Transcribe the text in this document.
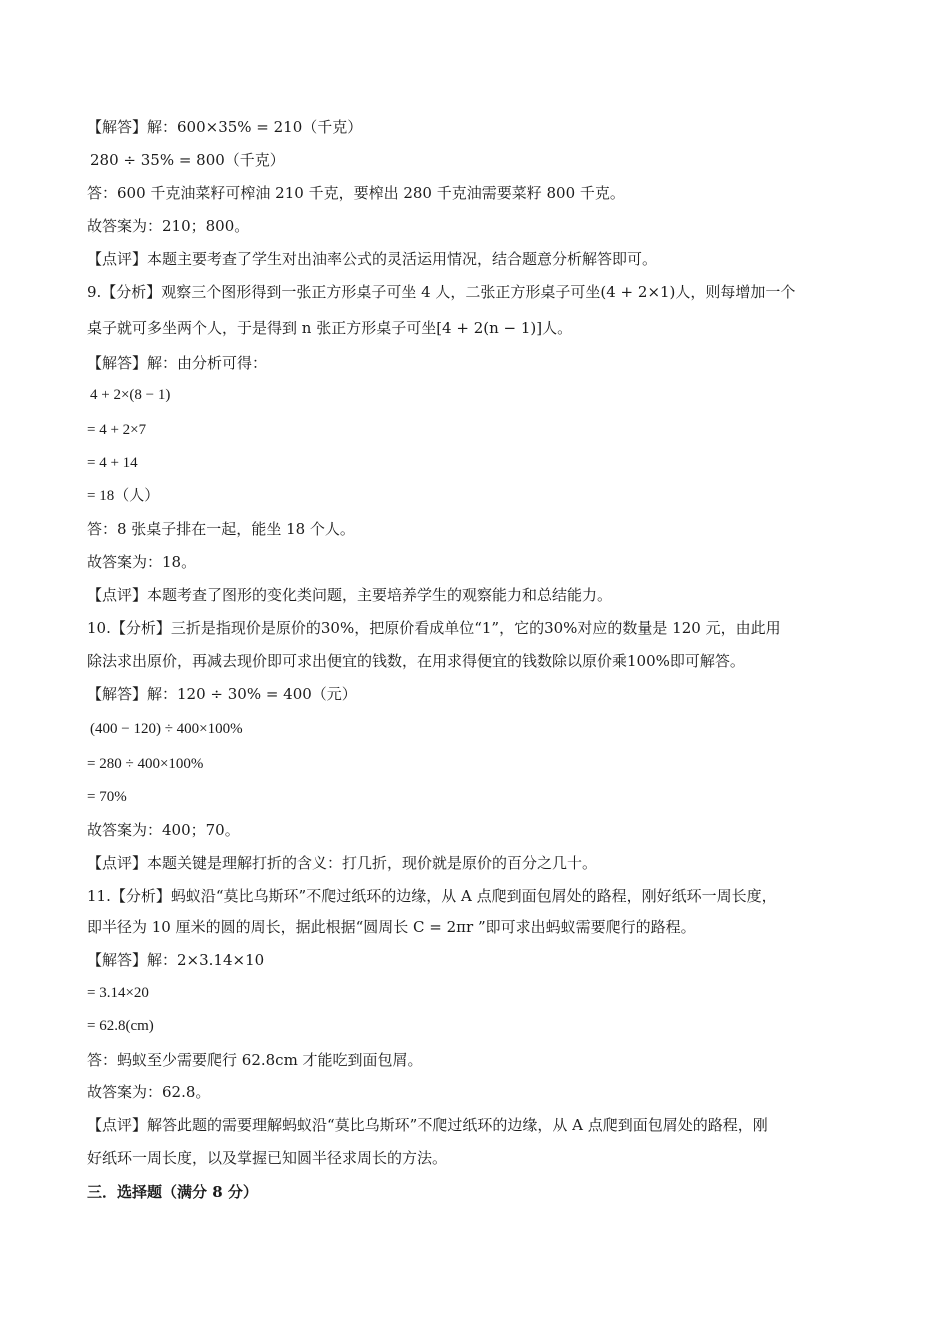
【解答】解：600×35% = 210（千克）
280 ÷ 35% = 800（千克）
答：600 千克油菜籽可榨油 210 千克，要榨出 280 千克油需要菜籽 800 千克。
故答案为：210；800。
【点评】本题主要考查了学生对出油率公式的灵活运用情况，结合题意分析解答即可。
9.【分析】观察三个图形得到一张正方形桌子可坐 4 人，二张正方形桌子可坐(4 + 2×1)人，则每增加一个
桌子就可多坐两个人，于是得到 n 张正方形桌子可坐[4 + 2(n − 1)]人。
【解答】解：由分析可得：
4 + 2×(8 − 1)
= 4 + 2×7
= 4 + 14
= 18（人）
答：8 张桌子排在一起，能坐 18 个人。
故答案为：18。
【点评】本题考查了图形的变化类问题，主要培养学生的观察能力和总结能力。
10.【分析】三折是指现价是原价的30%，把原价看成单位“1”，它的30%对应的数量是 120 元，由此用
除法求出原价，再减去现价即可求出便宜的钱数，在用求得便宜的钱数除以原价乘100%即可解答。
【解答】解：120 ÷ 30% = 400（元）
(400 − 120) ÷ 400×100%
= 280 ÷ 400×100%
= 70%
故答案为：400；70。
【点评】本题关键是理解打折的含义：打几折，现价就是原价的百分之几十。
11.【分析】蚂蚁沿“莫比乌斯环”不爬过纸环的边缘，从 A 点爬到面包屑处的路程，刚好纸环一周长度，
即半径为 10 厘米的圆的周长，据此根据“圆周长 C = 2πr ”即可求出蚂蚁需要爬行的路程。
【解答】解：2×3.14×10
= 3.14×20
= 62.8(cm)
答：蚂蚁至少需要爬行 62.8cm 才能吃到面包屑。
故答案为：62.8。
【点评】解答此题的需要理解蚂蚁沿“莫比乌斯环”不爬过纸环的边缘，从 A 点爬到面包屑处的路程，刚
好纸环一周长度，以及掌握已知圆半径求周长的方法。
三．选择题（满分 8 分）
